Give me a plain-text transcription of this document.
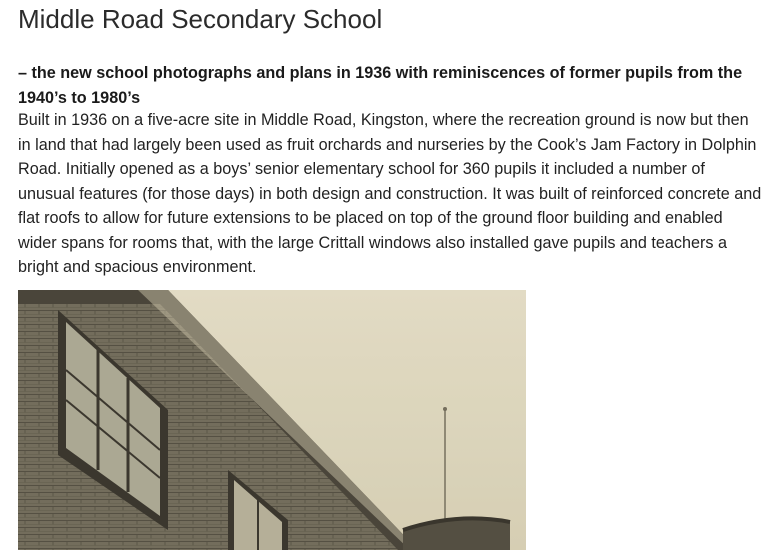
Middle Road Secondary School

– the new school photographs and plans in 1936 with reminiscences of former pupils from the 1940’s to 1980’s

Built in 1936 on a five-acre site in Middle Road, Kingston, where the recreation ground is now but then in land that had largely been used as fruit orchards and nurseries by the Cook’s Jam Factory in Dolphin Road. Initially opened as a boys’ senior elementary school for 360 pupils it included a number of unusual features (for those days) in both design and construction. It was built of reinforced concrete and flat roofs to allow for future extensions to be placed on top of the ground floor building and enabled wider spans for rooms that, with the large Crittall windows also installed gave pupils and teachers a bright and spacious environment.
